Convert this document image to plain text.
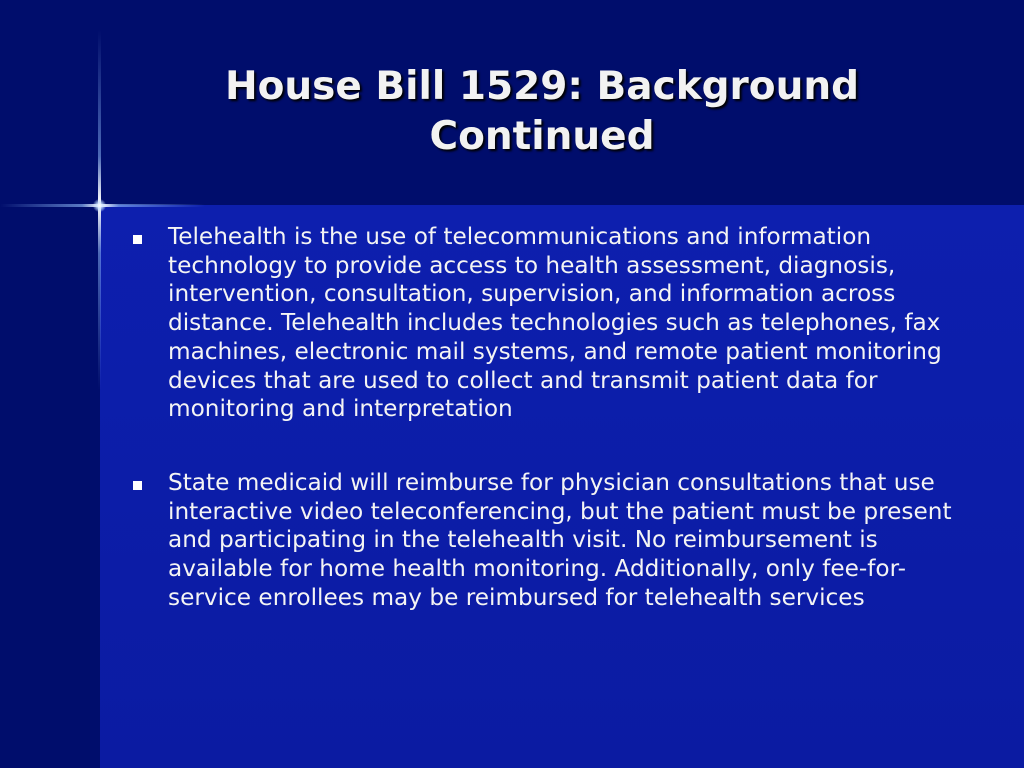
House Bill 1529: Background Continued
Telehealth is the use of telecommunications and information technology to provide access to health assessment, diagnosis, intervention, consultation, supervision, and information across distance. Telehealth includes technologies such as telephones, fax machines, electronic mail systems, and remote patient monitoring devices that are used to collect and transmit patient data for monitoring and interpretation
State medicaid will reimburse for physician consultations that use interactive video teleconferencing, but the patient must be present and participating in the telehealth visit. No reimbursement is available for home health monitoring. Additionally, only fee-for-service enrollees may be reimbursed for telehealth services
